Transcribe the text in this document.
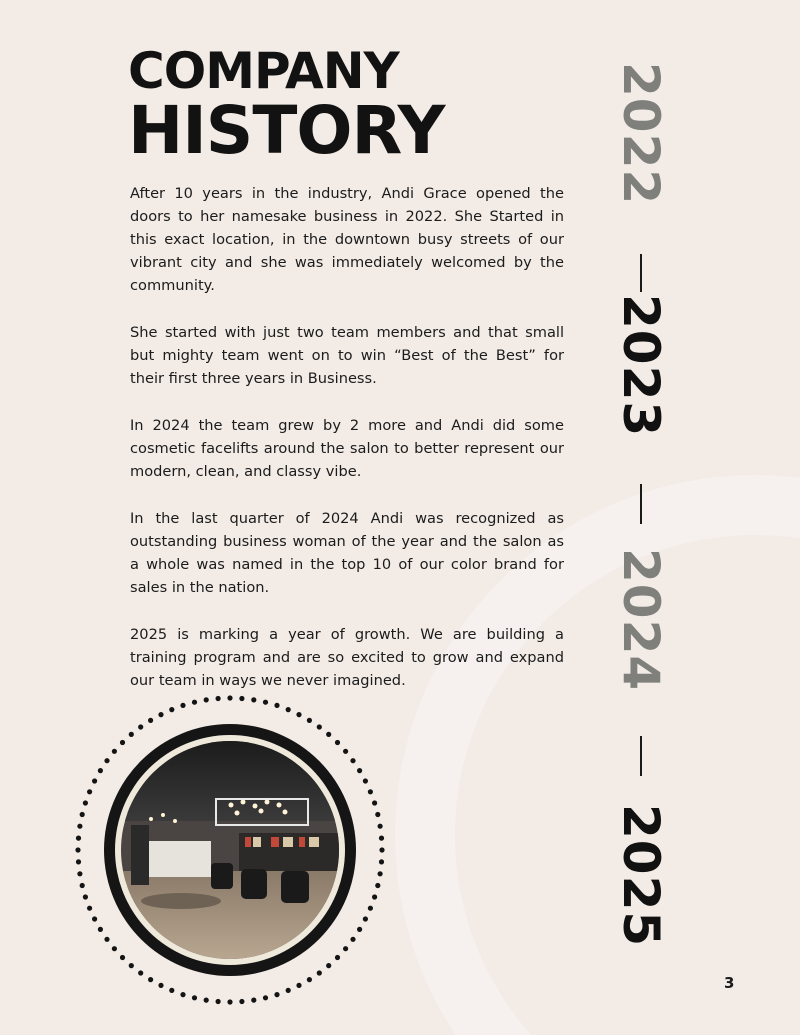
COMPANY
HISTORY

After 10 years in the industry, Andi Grace opened the doors to her namesake business in 2022. She Started in this exact location, in the downtown busy streets of our vibrant city and she was immediately welcomed by the community.

She started with just two team members and that small but mighty team went on to win “Best of the Best” for their first three years in Business.

In 2024 the team grew by 2 more and Andi did some cosmetic facelifts around the salon to better represent our modern, clean, and classy vibe.

In the last quarter of 2024 Andi was recognized as outstanding business woman of the year and the salon as a whole was named in the top 10 of our color brand for sales in the nation.

2025 is marking a year of growth. We are building a training program and are so excited to grow and expand our team in ways we never imagined.

2022
2023
2024
2025
3
